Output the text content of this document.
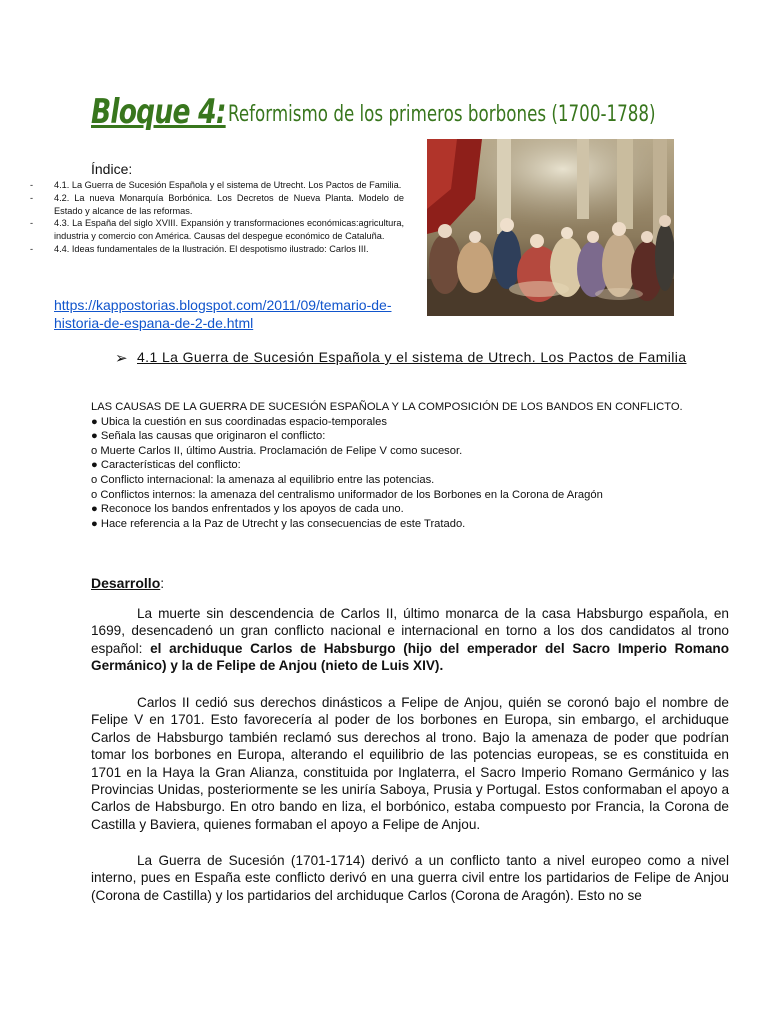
Bloque 4: Reformismo de los primeros borbones (1700-1788)
Índice:
- 4.1. La Guerra de Sucesión Española y el sistema de Utrecht. Los Pactos de Familia.
- 4.2. La nueva Monarquía Borbónica. Los Decretos de Nueva Planta. Modelo de Estado y alcance de las reformas.
- 4.3. La España del siglo XVIII. Expansión y transformaciones económicas:agricultura, industria y comercio con América. Causas del despegue económico de Cataluña.
- 4.4. Ideas fundamentales de la Ilustración. El despotismo ilustrado: Carlos III.
https://kappostorias.blogspot.com/2011/09/temario-de-historia-de-espana-de-2-de.html
➢ 4.1 La Guerra de Sucesión Española y el sistema de Utrech. Los Pactos de Familia
LAS CAUSAS DE LA GUERRA DE SUCESIÓN ESPAÑOLA Y LA COMPOSICIÓN DE LOS BANDOS EN CONFLICTO.
● Ubica la cuestión en sus coordinadas espacio-temporales
● Señala las causas que originaron el conflicto:
o Muerte Carlos II, último Austria. Proclamación de Felipe V como sucesor.
● Características del conflicto:
o Conflicto internacional: la amenaza al equilibrio entre las potencias.
o Conflictos internos: la amenaza del centralismo uniformador de los Borbones en la Corona de Aragón
● Reconoce los bandos enfrentados y los apoyos de cada uno.
● Hace referencia a la Paz de Utrecht y las consecuencias de este Tratado.
Desarrollo:
La muerte sin descendencia de Carlos II, último monarca de la casa Habsburgo española, en 1699, desencadenó un gran conflicto nacional e internacional en torno a los dos candidatos al trono español: el archiduque Carlos de Habsburgo (hijo del emperador del Sacro Imperio Romano Germánico) y la de Felipe de Anjou (nieto de Luis XIV).
Carlos II cedió sus derechos dinásticos a Felipe de Anjou, quién se coronó bajo el nombre de Felipe V en 1701. Esto favorecería al poder de los borbones en Europa, sin embargo, el archiduque Carlos de Habsburgo también reclamó sus derechos al trono. Bajo la amenaza de poder que podrían tomar los borbones en Europa, alterando el equilibrio de las potencias europeas, se es constituida en 1701 en la Haya la Gran Alianza, constituida por Inglaterra, el Sacro Imperio Romano Germánico y las Provincias Unidas, posteriormente se les uniría Saboya, Prusia y Portugal. Estos conformaban el apoyo a Carlos de Habsburgo. En otro bando en liza, el borbónico, estaba compuesto por Francia, la Corona de Castilla y Baviera, quienes formaban el apoyo a Felipe de Anjou.
La Guerra de Sucesión (1701-1714) derivó a un conflicto tanto a nivel europeo como a nivel interno, pues en España este conflicto derivó en una guerra civil entre los partidarios de Felipe de Anjou (Corona de Castilla) y los partidarios del archiduque Carlos (Corona de Aragón). Esto no se
